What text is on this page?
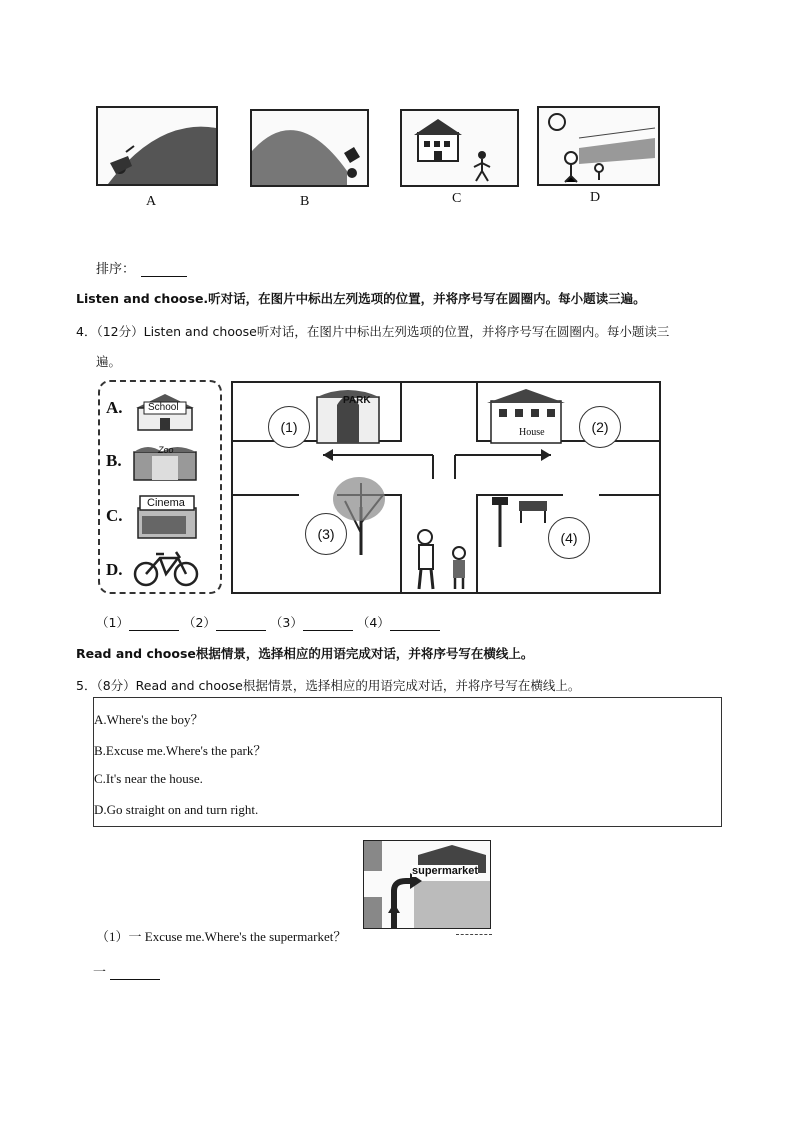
A	B	C	D
排序：
Listen and choose.听对话，在图片中标出左列选项的位置，并将序号写在圆圈内。每小题读三遍。
4．（12分）Listen and choose听对话，在图片中标出左列选项的位置，并将序号写在圆圈内。每小题读三
遍。
A.	School
B.
Zoo
C.
Cinema
D.
PARK
House
(1)	(2)
(3)	(4)
（1）	（2）	（3）	（4）
Read and choose根据情景，选择相应的用语完成对话，并将序号写在横线上。
5．（8分）Read and choose根据情景，选择相应的用语完成对话，并将序号写在横线上。
A.Where's the boy？
B.Excuse me.Where's the park？
C.It's near the house.
D.Go straight on and turn right.
supermarket
（1）一 Excuse me.Where's the supermarket？
一
